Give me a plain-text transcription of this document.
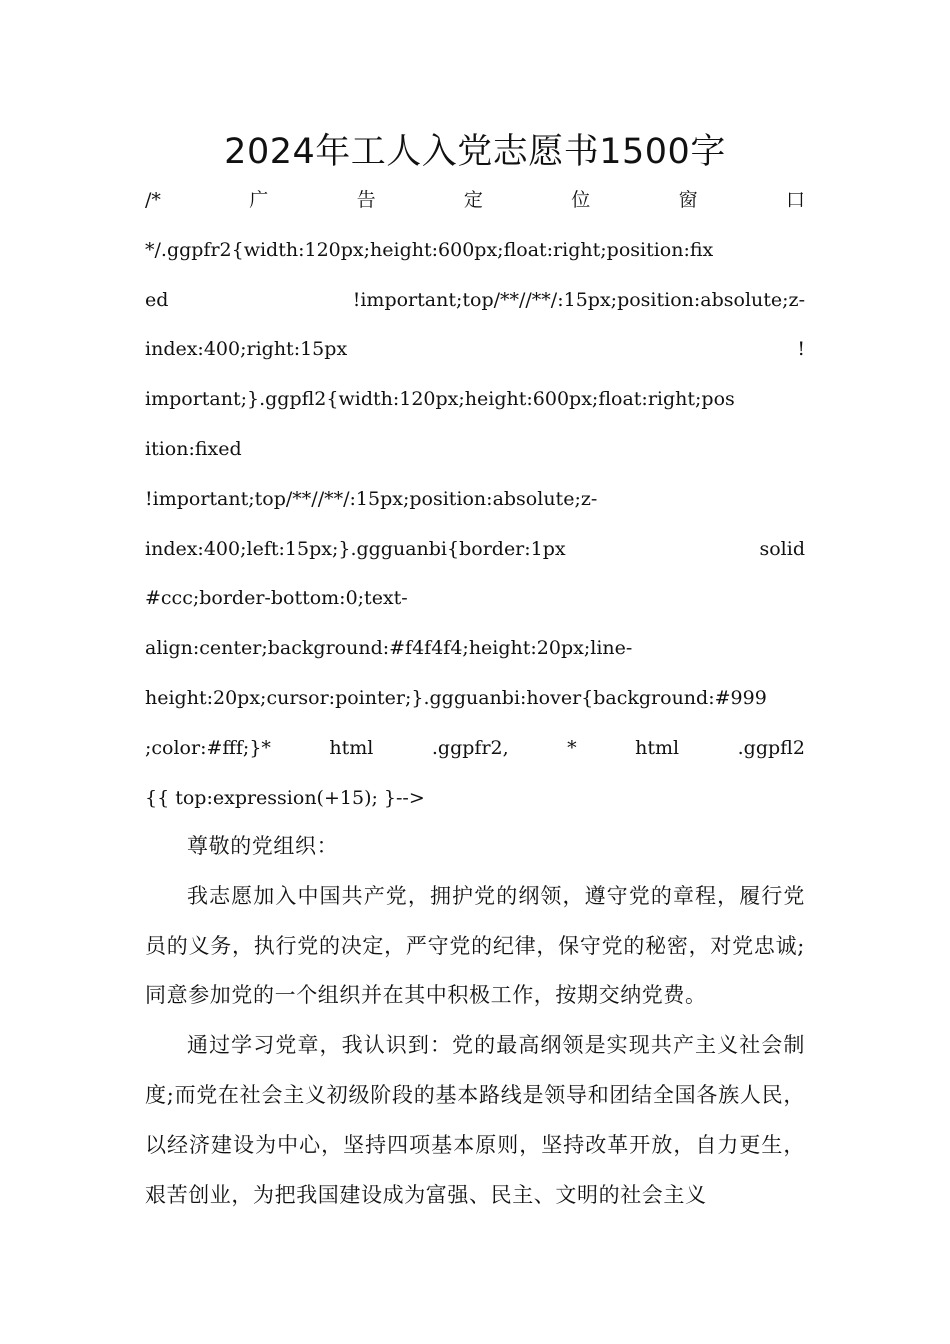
2024年工人入党志愿书1500字
/*	广	告	定	位	窗	口
*/.ggpfr2{width:120px;height:600px;float:right;position:fix
ed	!important;top/**//**/:15px;position:absolute;z-
index:400;right:15px	!
important;}.ggpfl2{width:120px;height:600px;float:right;pos
ition:fixed
!important;top/**//**/:15px;position:absolute;z-
index:400;left:15px;}.ggguanbi{border:1px	solid
#ccc;border-bottom:0;text-
align:center;background:#f4f4f4;height:20px;line-
height:20px;cursor:pointer;}.ggguanbi:hover{background:#999
;color:#fff;}*	html	.ggpfr2,	*	html	.ggpfl2
{{ top:expression(+15); }-->

尊敬的党组织：

我志愿加入中国共产党，拥护党的纲领，遵守党的章程，履行党员的义务，执行党的决定，严守党的纪律，保守党的秘密，对党忠诚;同意参加党的一个组织并在其中积极工作，按期交纳党费。

通过学习党章，我认识到：党的最高纲领是实现共产主义社会制度;而党在社会主义初级阶段的基本路线是领导和团结全国各族人民，以经济建设为中心，坚持四项基本原则，坚持改革开放，自力更生，艰苦创业，为把我国建设成为富强、民主、文明的社会主义
